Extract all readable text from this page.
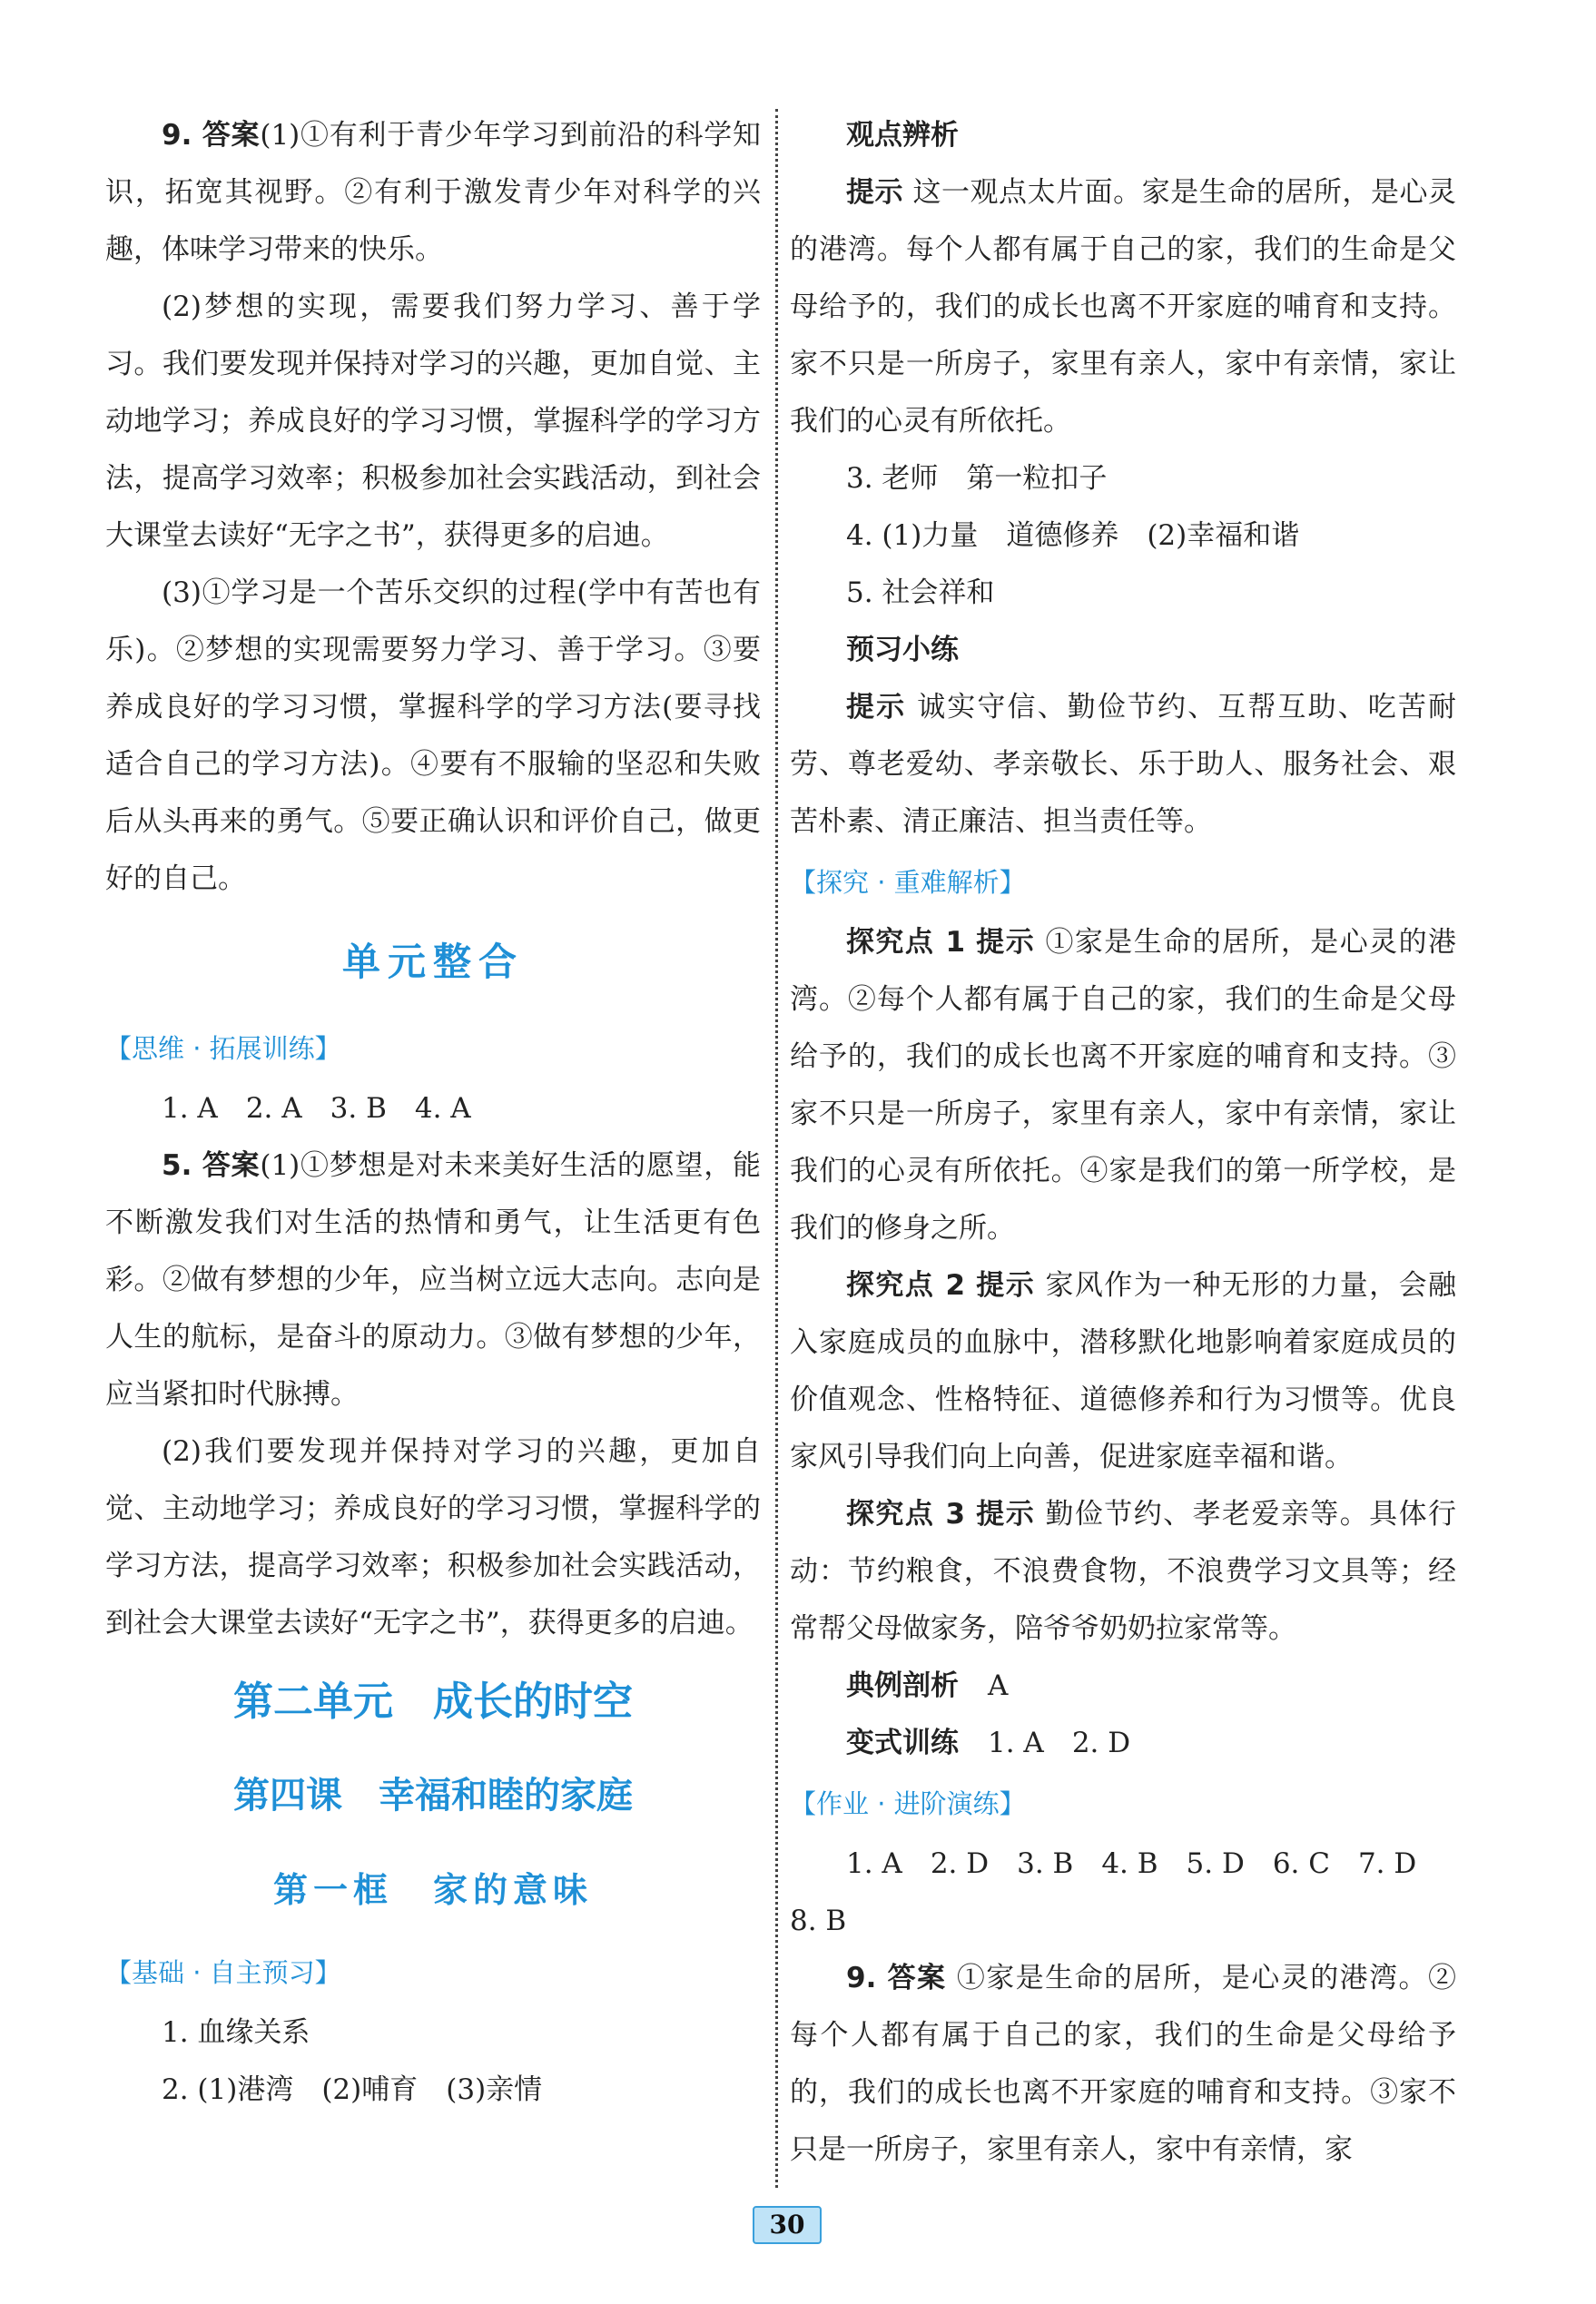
9. 答案(1)①有利于青少年学习到前沿的科学知识，拓宽其视野。②有利于激发青少年对科学的兴趣，体味学习带来的快乐。

(2)梦想的实现，需要我们努力学习、善于学习。我们要发现并保持对学习的兴趣，更加自觉、主动地学习；养成良好的学习习惯，掌握科学的学习方法，提高学习效率；积极参加社会实践活动，到社会大课堂去读好“无字之书”，获得更多的启迪。

(3)①学习是一个苦乐交织的过程(学中有苦也有乐)。②梦想的实现需要努力学习、善于学习。③要养成良好的学习习惯，掌握科学的学习方法(要寻找适合自己的学习方法)。④要有不服输的坚忍和失败后从头再来的勇气。⑤要正确认识和评价自己，做更好的自己。

单元整合

【思维 · 拓展训练】

1. A　2. A　3. B　4. A

5. 答案(1)①梦想是对未来美好生活的愿望，能不断激发我们对生活的热情和勇气，让生活更有色彩。②做有梦想的少年，应当树立远大志向。志向是人生的航标，是奋斗的原动力。③做有梦想的少年，应当紧扣时代脉搏。

(2)我们要发现并保持对学习的兴趣，更加自觉、主动地学习；养成良好的学习习惯，掌握科学的学习方法，提高学习效率；积极参加社会实践活动，到社会大课堂去读好“无字之书”，获得更多的启迪。

第二单元　成长的时空
第四课　幸福和睦的家庭
第一框　家的意味

【基础 · 自主预习】

1. 血缘关系

2. (1)港湾　(2)哺育　(3)亲情

观点辨析

提示 这一观点太片面。家是生命的居所，是心灵的港湾。每个人都有属于自己的家，我们的生命是父母给予的，我们的成长也离不开家庭的哺育和支持。家不只是一所房子，家里有亲人，家中有亲情，家让我们的心灵有所依托。

3. 老师　第一粒扣子

4. (1)力量　道德修养　(2)幸福和谐

5. 社会祥和

预习小练

提示 诚实守信、勤俭节约、互帮互助、吃苦耐劳、尊老爱幼、孝亲敬长、乐于助人、服务社会、艰苦朴素、清正廉洁、担当责任等。

【探究 · 重难解析】

探究点 1 提示 ①家是生命的居所，是心灵的港湾。②每个人都有属于自己的家，我们的生命是父母给予的，我们的成长也离不开家庭的哺育和支持。③家不只是一所房子，家里有亲人，家中有亲情，家让我们的心灵有所依托。④家是我们的第一所学校，是我们的修身之所。

探究点 2 提示 家风作为一种无形的力量，会融入家庭成员的血脉中，潜移默化地影响着家庭成员的价值观念、性格特征、道德修养和行为习惯等。优良家风引导我们向上向善，促进家庭幸福和谐。

探究点 3 提示 勤俭节约、孝老爱亲等。具体行动：节约粮食，不浪费食物，不浪费学习文具等；经常帮父母做家务，陪爷爷奶奶拉家常等。

典例剖析 A

变式训练 1. A　2. D

【作业 · 进阶演练】

1. A　2. D　3. B　4. B　5. D　6. C　7. D

8. B

9. 答案 ①家是生命的居所，是心灵的港湾。②每个人都有属于自己的家，我们的生命是父母给予的，我们的成长也离不开家庭的哺育和支持。③家不只是一所房子，家里有亲人，家中有亲情，家

30
